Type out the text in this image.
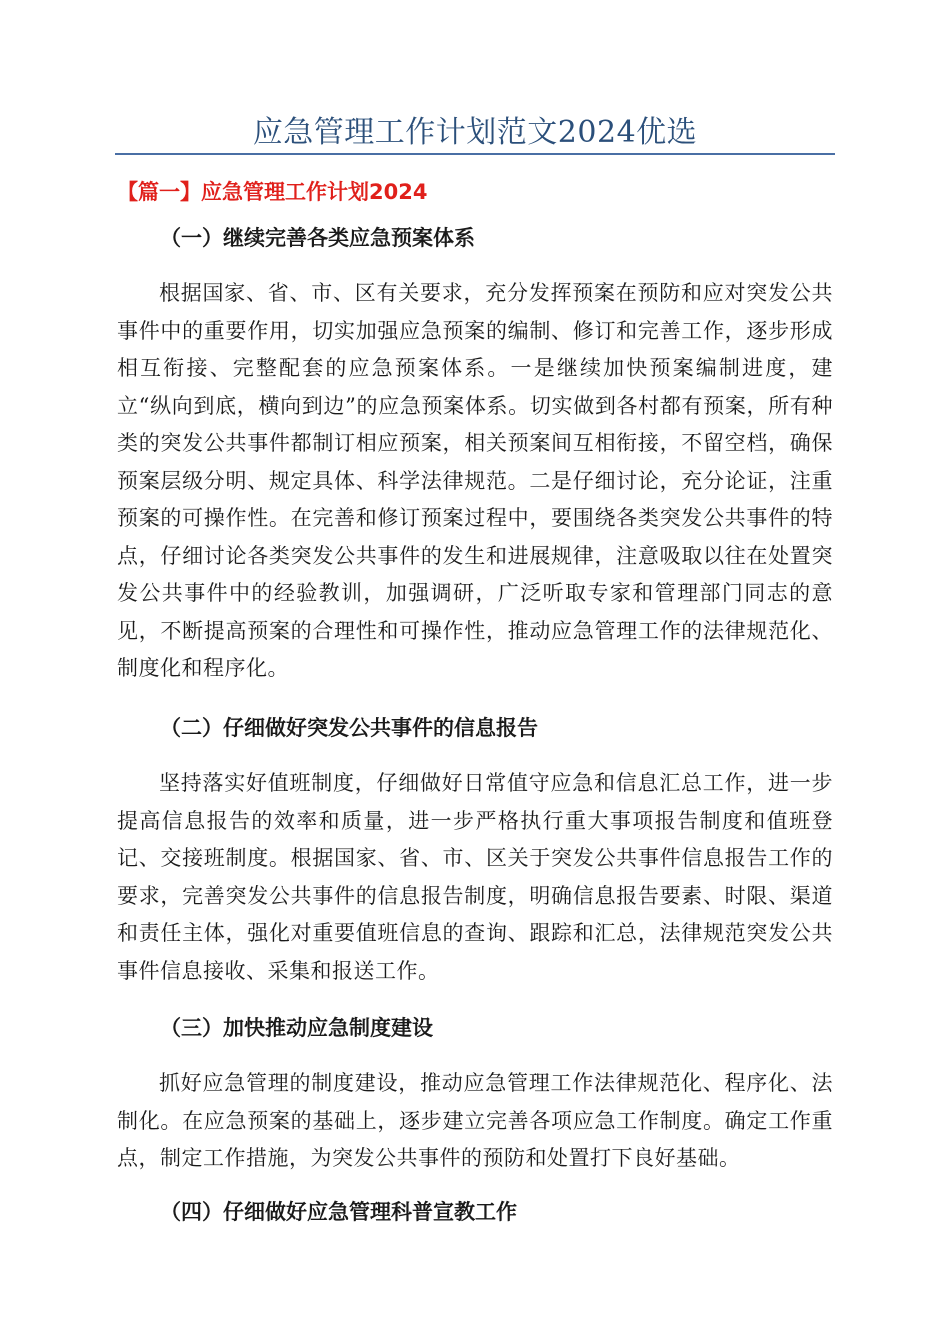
应急管理工作计划范文2024优选
【篇一】应急管理工作计划2024
（一）继续完善各类应急预案体系

根据国家、省、市、区有关要求，充分发挥预案在预防和应对突发公共事件中的重要作用，切实加强应急预案的编制、修订和完善工作，逐步形成相互衔接、完整配套的应急预案体系。一是继续加快预案编制进度，建立“纵向到底，横向到边”的应急预案体系。切实做到各村都有预案，所有种类的突发公共事件都制订相应预案，相关预案间互相衔接，不留空档，确保预案层级分明、规定具体、科学法律规范。二是仔细讨论，充分论证，注重预案的可操作性。在完善和修订预案过程中，要围绕各类突发公共事件的特点，仔细讨论各类突发公共事件的发生和进展规律，注意吸取以往在处置突发公共事件中的经验教训，加强调研，广泛听取专家和管理部门同志的意见，不断提高预案的合理性和可操作性，推动应急管理工作的法律规范化、制度化和程序化。

（二）仔细做好突发公共事件的信息报告

坚持落实好值班制度，仔细做好日常值守应急和信息汇总工作，进一步提高信息报告的效率和质量，进一步严格执行重大事项报告制度和值班登记、交接班制度。根据国家、省、市、区关于突发公共事件信息报告工作的要求，完善突发公共事件的信息报告制度，明确信息报告要素、时限、渠道和责任主体，强化对重要值班信息的查询、跟踪和汇总，法律规范突发公共事件信息接收、采集和报送工作。

（三）加快推动应急制度建设

抓好应急管理的制度建设，推动应急管理工作法律规范化、程序化、法制化。在应急预案的基础上，逐步建立完善各项应急工作制度。确定工作重点，制定工作措施，为突发公共事件的预防和处置打下良好基础。

（四）仔细做好应急管理科普宣教工作
